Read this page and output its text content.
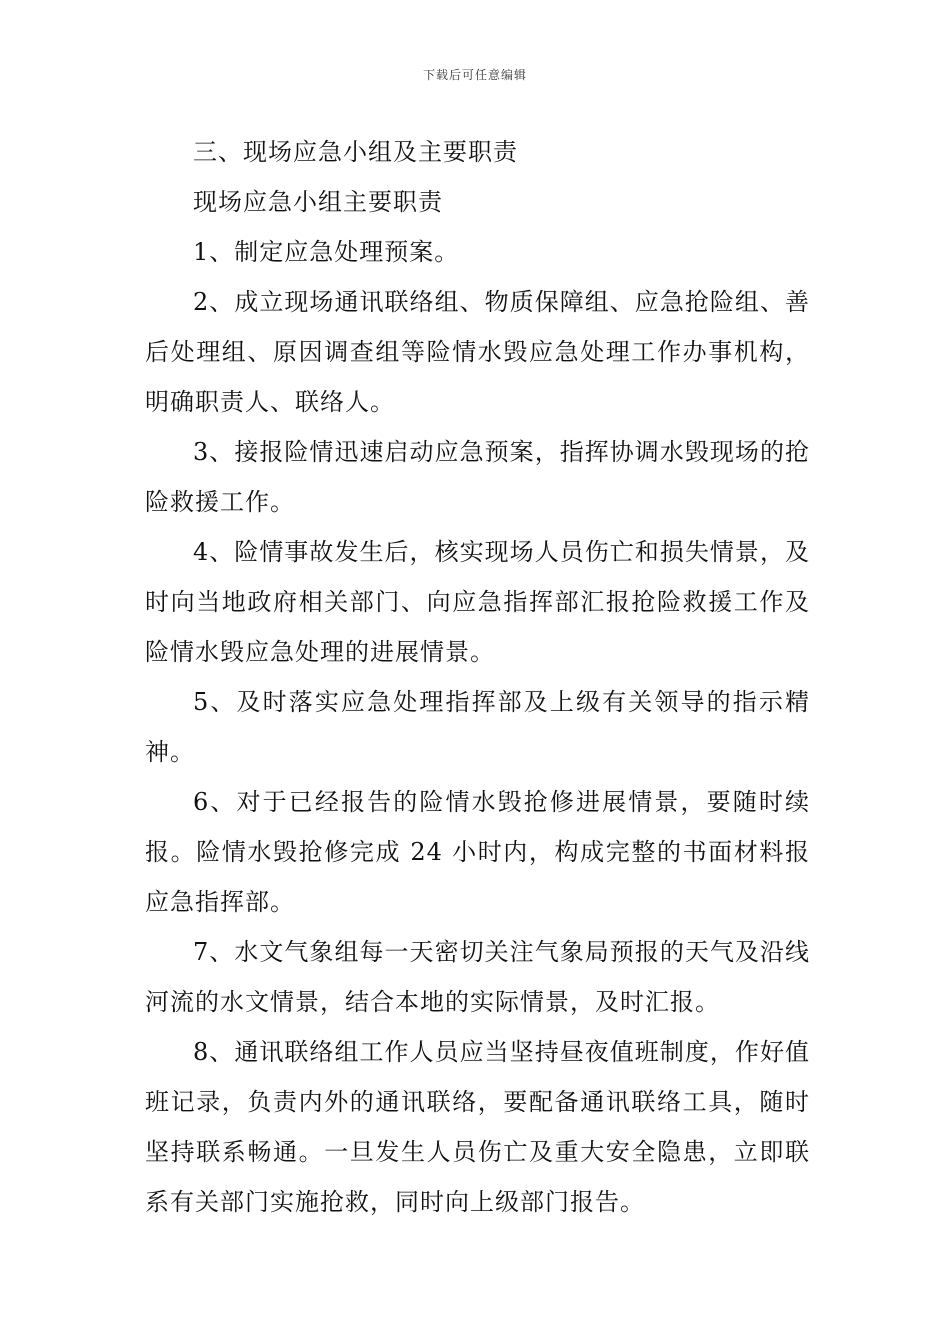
下载后可任意编辑

三、现场应急小组及主要职责

现场应急小组主要职责

1、制定应急处理预案。

2、成立现场通讯联络组、物质保障组、应急抢险组、善后处理组、原因调查组等险情水毁应急处理工作办事机构，明确职责人、联络人。

3、接报险情迅速启动应急预案，指挥协调水毁现场的抢险救援工作。

4、险情事故发生后，核实现场人员伤亡和损失情景，及时向当地政府相关部门、向应急指挥部汇报抢险救援工作及险情水毁应急处理的进展情景。

5、及时落实应急处理指挥部及上级有关领导的指示精神。

6、对于已经报告的险情水毁抢修进展情景，要随时续报。险情水毁抢修完成 24 小时内，构成完整的书面材料报应急指挥部。

7、水文气象组每一天密切关注气象局预报的天气及沿线河流的水文情景，结合本地的实际情景，及时汇报。

8、通讯联络组工作人员应当坚持昼夜值班制度，作好值班记录，负责内外的通讯联络，要配备通讯联络工具，随时坚持联系畅通。一旦发生人员伤亡及重大安全隐患，立即联系有关部门实施抢救，同时向上级部门报告。
